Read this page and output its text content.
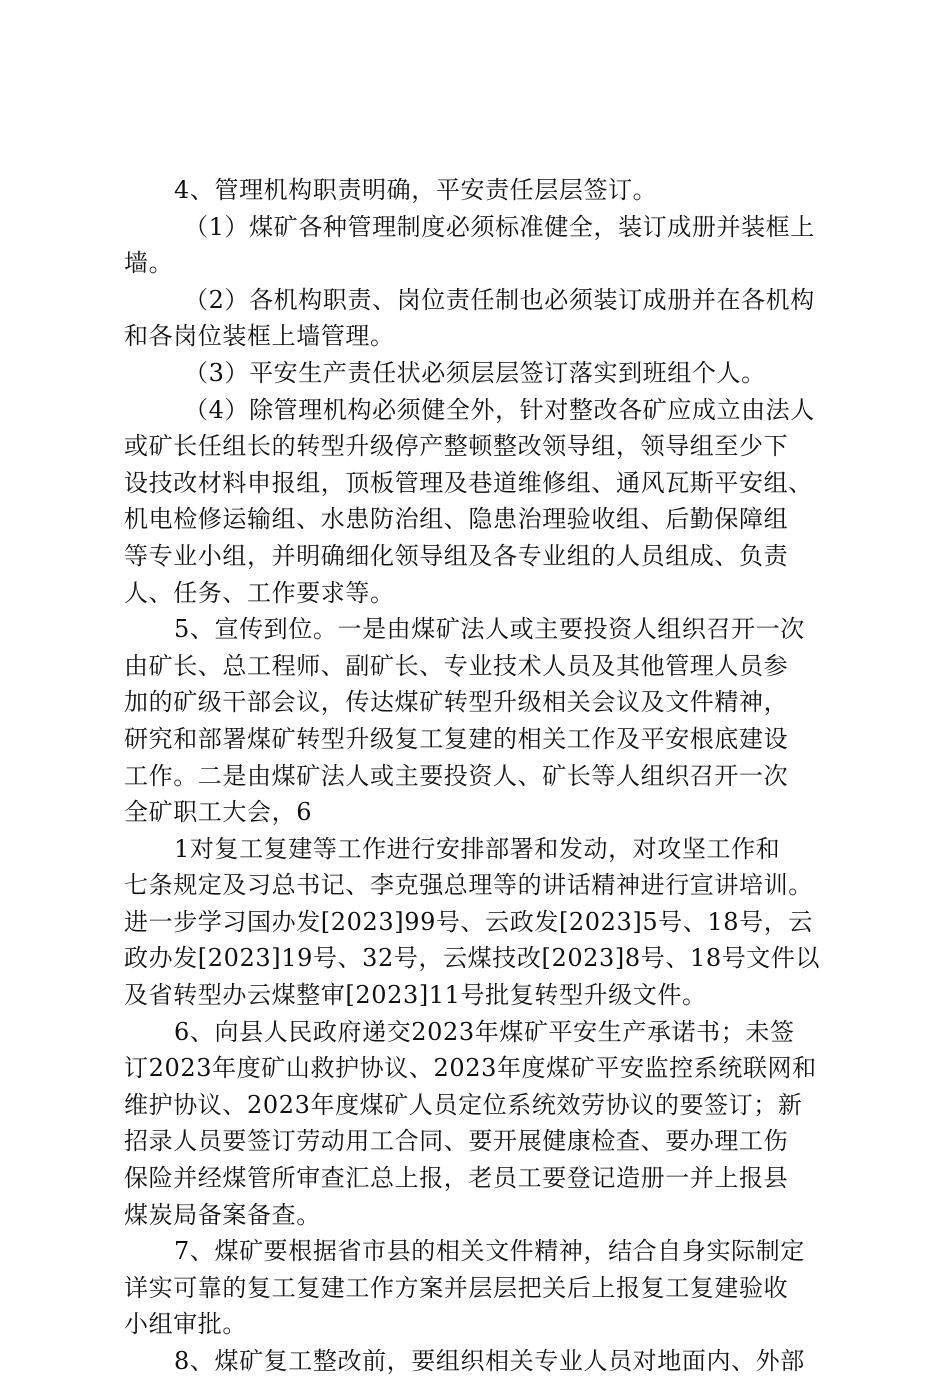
4、管理机构职责明确，平安责任层层签订。
（1）煤矿各种管理制度必须标准健全，装订成册并装框上
墙。
（2）各机构职责、岗位责任制也必须装订成册并在各机构
和各岗位装框上墙管理。
（3）平安生产责任状必须层层签订落实到班组个人。
（4）除管理机构必须健全外，针对整改各矿应成立由法人
或矿长任组长的转型升级停产整顿整改领导组，领导组至少下
设技改材料申报组，顶板管理及巷道维修组、通风瓦斯平安组、
机电检修运输组、水患防治组、隐患治理验收组、后勤保障组
等专业小组，并明确细化领导组及各专业组的人员组成、负责
人、任务、工作要求等。
5、宣传到位。一是由煤矿法人或主要投资人组织召开一次
由矿长、总工程师、副矿长、专业技术人员及其他管理人员参
加的矿级干部会议，传达煤矿转型升级相关会议及文件精神，
研究和部署煤矿转型升级复工复建的相关工作及平安根底建设
工作。二是由煤矿法人或主要投资人、矿长等人组织召开一次
全矿职工大会，6
1对复工复建等工作进行安排部署和发动，对攻坚工作和
七条规定及习总书记、李克强总理等的讲话精神进行宣讲培训。
进一步学习国办发[2023]99号、云政发[2023]5号、18号，云
政办发[2023]19号、32号，云煤技改[2023]8号、18号文件以
及省转型办云煤整审[2023]11号批复转型升级文件。
6、向县人民政府递交2023年煤矿平安生产承诺书；未签
订2023年度矿山救护协议、2023年度煤矿平安监控系统联网和
维护协议、2023年度煤矿人员定位系统效劳协议的要签订；新
招录人员要签订劳动用工合同、要开展健康检查、要办理工伤
保险并经煤管所审查汇总上报，老员工要登记造册一并上报县
煤炭局备案备查。
7、煤矿要根据省市县的相关文件精神，结合自身实际制定
详实可靠的复工复建工作方案并层层把关后上报复工复建验收
小组审批。
8、煤矿复工整改前，要组织相关专业人员对地面内、外部
